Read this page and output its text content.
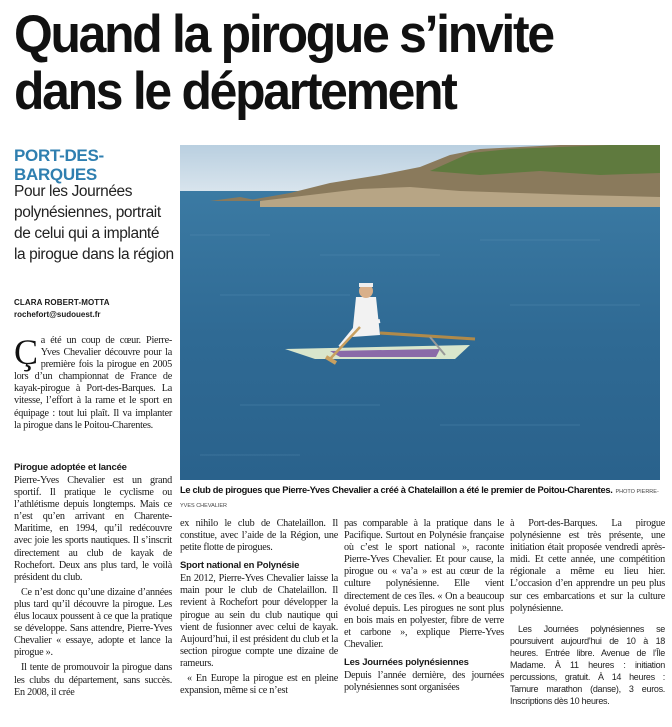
Quand la pirogue s’invite
dans le département
PORT-DES-BARQUES
Pour les Journées polynésiennes, portrait de celui qui a implanté la pirogue dans la région
CLARA ROBERT-MOTTA
rochefort@sudouest.fr

Ça été un coup de cœur. Pierre-Yves Chevalier découvre pour la première fois la pirogue en 2005 lors d’un championnat de France de kayak-pirogue à Port-des-Barques. La vitesse, l’effort à la rame et le sport en équipage : tout lui plaît. Il va implanter la pirogue dans le Poitou-Charentes.

Pirogue adoptée et lancée

Pierre-Yves Chevalier est un grand sportif. Il pratique le cyclisme ou l’athlétisme depuis longtemps. Mais ce n’est qu’en arrivant en Charente-Maritime, en 1994, qu’il redécouvre avec joie les sports nautiques. Il s’inscrit directement au club de kayak de Rochefort. Deux ans plus tard, le voilà président du club.

Ce n’est donc qu’une dizaine d’années plus tard qu’il découvre la pirogue. Les élus locaux poussent à ce que la pratique se développe. Sans attendre, Pierre-Yves Chevalier « essaye, adopte et lance la pirogue ».

Il tente de promouvoir la pirogue dans les clubs du département, sans succès. En 2008, il crée

Le club de pirogues que Pierre-Yves Chevalier a créé à Chatelaillon a été le premier de Poitou-Charentes. PHOTO PIERRE-YVES CHEVALIER

ex nihilo le club de Chatelaillon. Il constitue, avec l’aide de la Région, une petite flotte de pirogues.

Sport national en Polynésie

En 2012, Pierre-Yves Chevalier laisse la main pour le club de Chatelaillon. Il revient à Rochefort pour développer la pirogue au sein du club nautique qui vient de fusionner avec celui de kayak. Aujourd’hui, il est président du club et la section pirogue compte une dizaine de rameurs.

« En Europe la pirogue est en pleine expansion, même si ce n’est

pas comparable à la pratique dans le Pacifique. Surtout en Polynésie française où c’est le sport national », raconte Pierre-Yves Chevalier. Et pour cause, la pirogue ou « va’a » est au cœur de la culture polynésienne. Elle vient directement de ces îles. « On a beaucoup évolué depuis. Les pirogues ne sont plus en bois mais en polyester, fibre de verre et carbone », explique Pierre-Yves Chevalier.

Les Journées polynésiennes

Depuis l’année dernière, des journées polynésiennes sont organisées

à Port-des-Barques. La pirogue polynésienne est très présente, une initiation était proposée vendredi après-midi. Et cette année, une compétition régionale a même eu lieu hier. L’occasion d’en apprendre un peu plus sur ces embarcations et sur la culture polynésienne.

Les Journées polynésiennes se poursuivent aujourd’hui de 10 à 18 heures. Entrée libre. Avenue de l’Île Madame. À 11 heures : initiation percussions, gratuit. À 14 heures : Tamure marathon (danse), 3 euros. Inscriptions dès 10 heures.
